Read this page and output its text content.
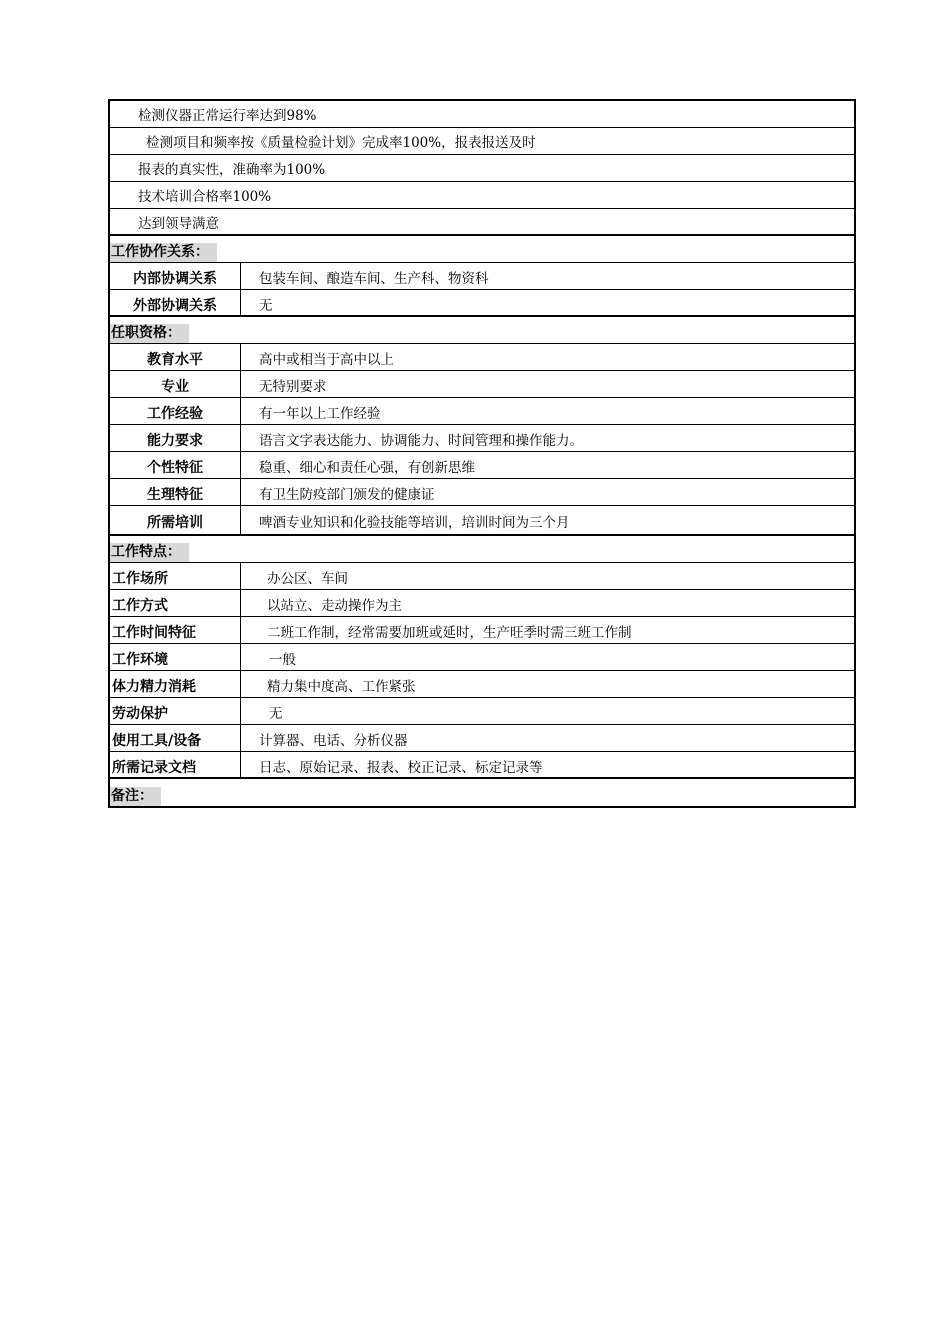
检测仪器正常运行率达到98%
检测项目和频率按《质量检验计划》完成率100%，报表报送及时
报表的真实性，准确率为100%
技术培训合格率100%
达到领导满意
工作协作关系：
内部协调关系	包装车间、酿造车间、生产科、物资科
外部协调关系	无
任职资格：
教育水平	高中或相当于高中以上
专业	无特别要求
工作经验	有一年以上工作经验
能力要求	语言文字表达能力、协调能力、时间管理和操作能力。
个性特征	稳重、细心和责任心强，有创新思维
生理特征	有卫生防疫部门颁发的健康证
所需培训	啤酒专业知识和化验技能等培训，培训时间为三个月
工作特点：
工作场所	办公区、车间
工作方式	以站立、走动操作为主
工作时间特征	二班工作制，经常需要加班或延时，生产旺季时需三班工作制
工作环境	一般
体力精力消耗	精力集中度高、工作紧张
劳动保护	无
使用工具/设备	计算器、电话、分析仪器
所需记录文档	日志、原始记录、报表、校正记录、标定记录等
备注：
